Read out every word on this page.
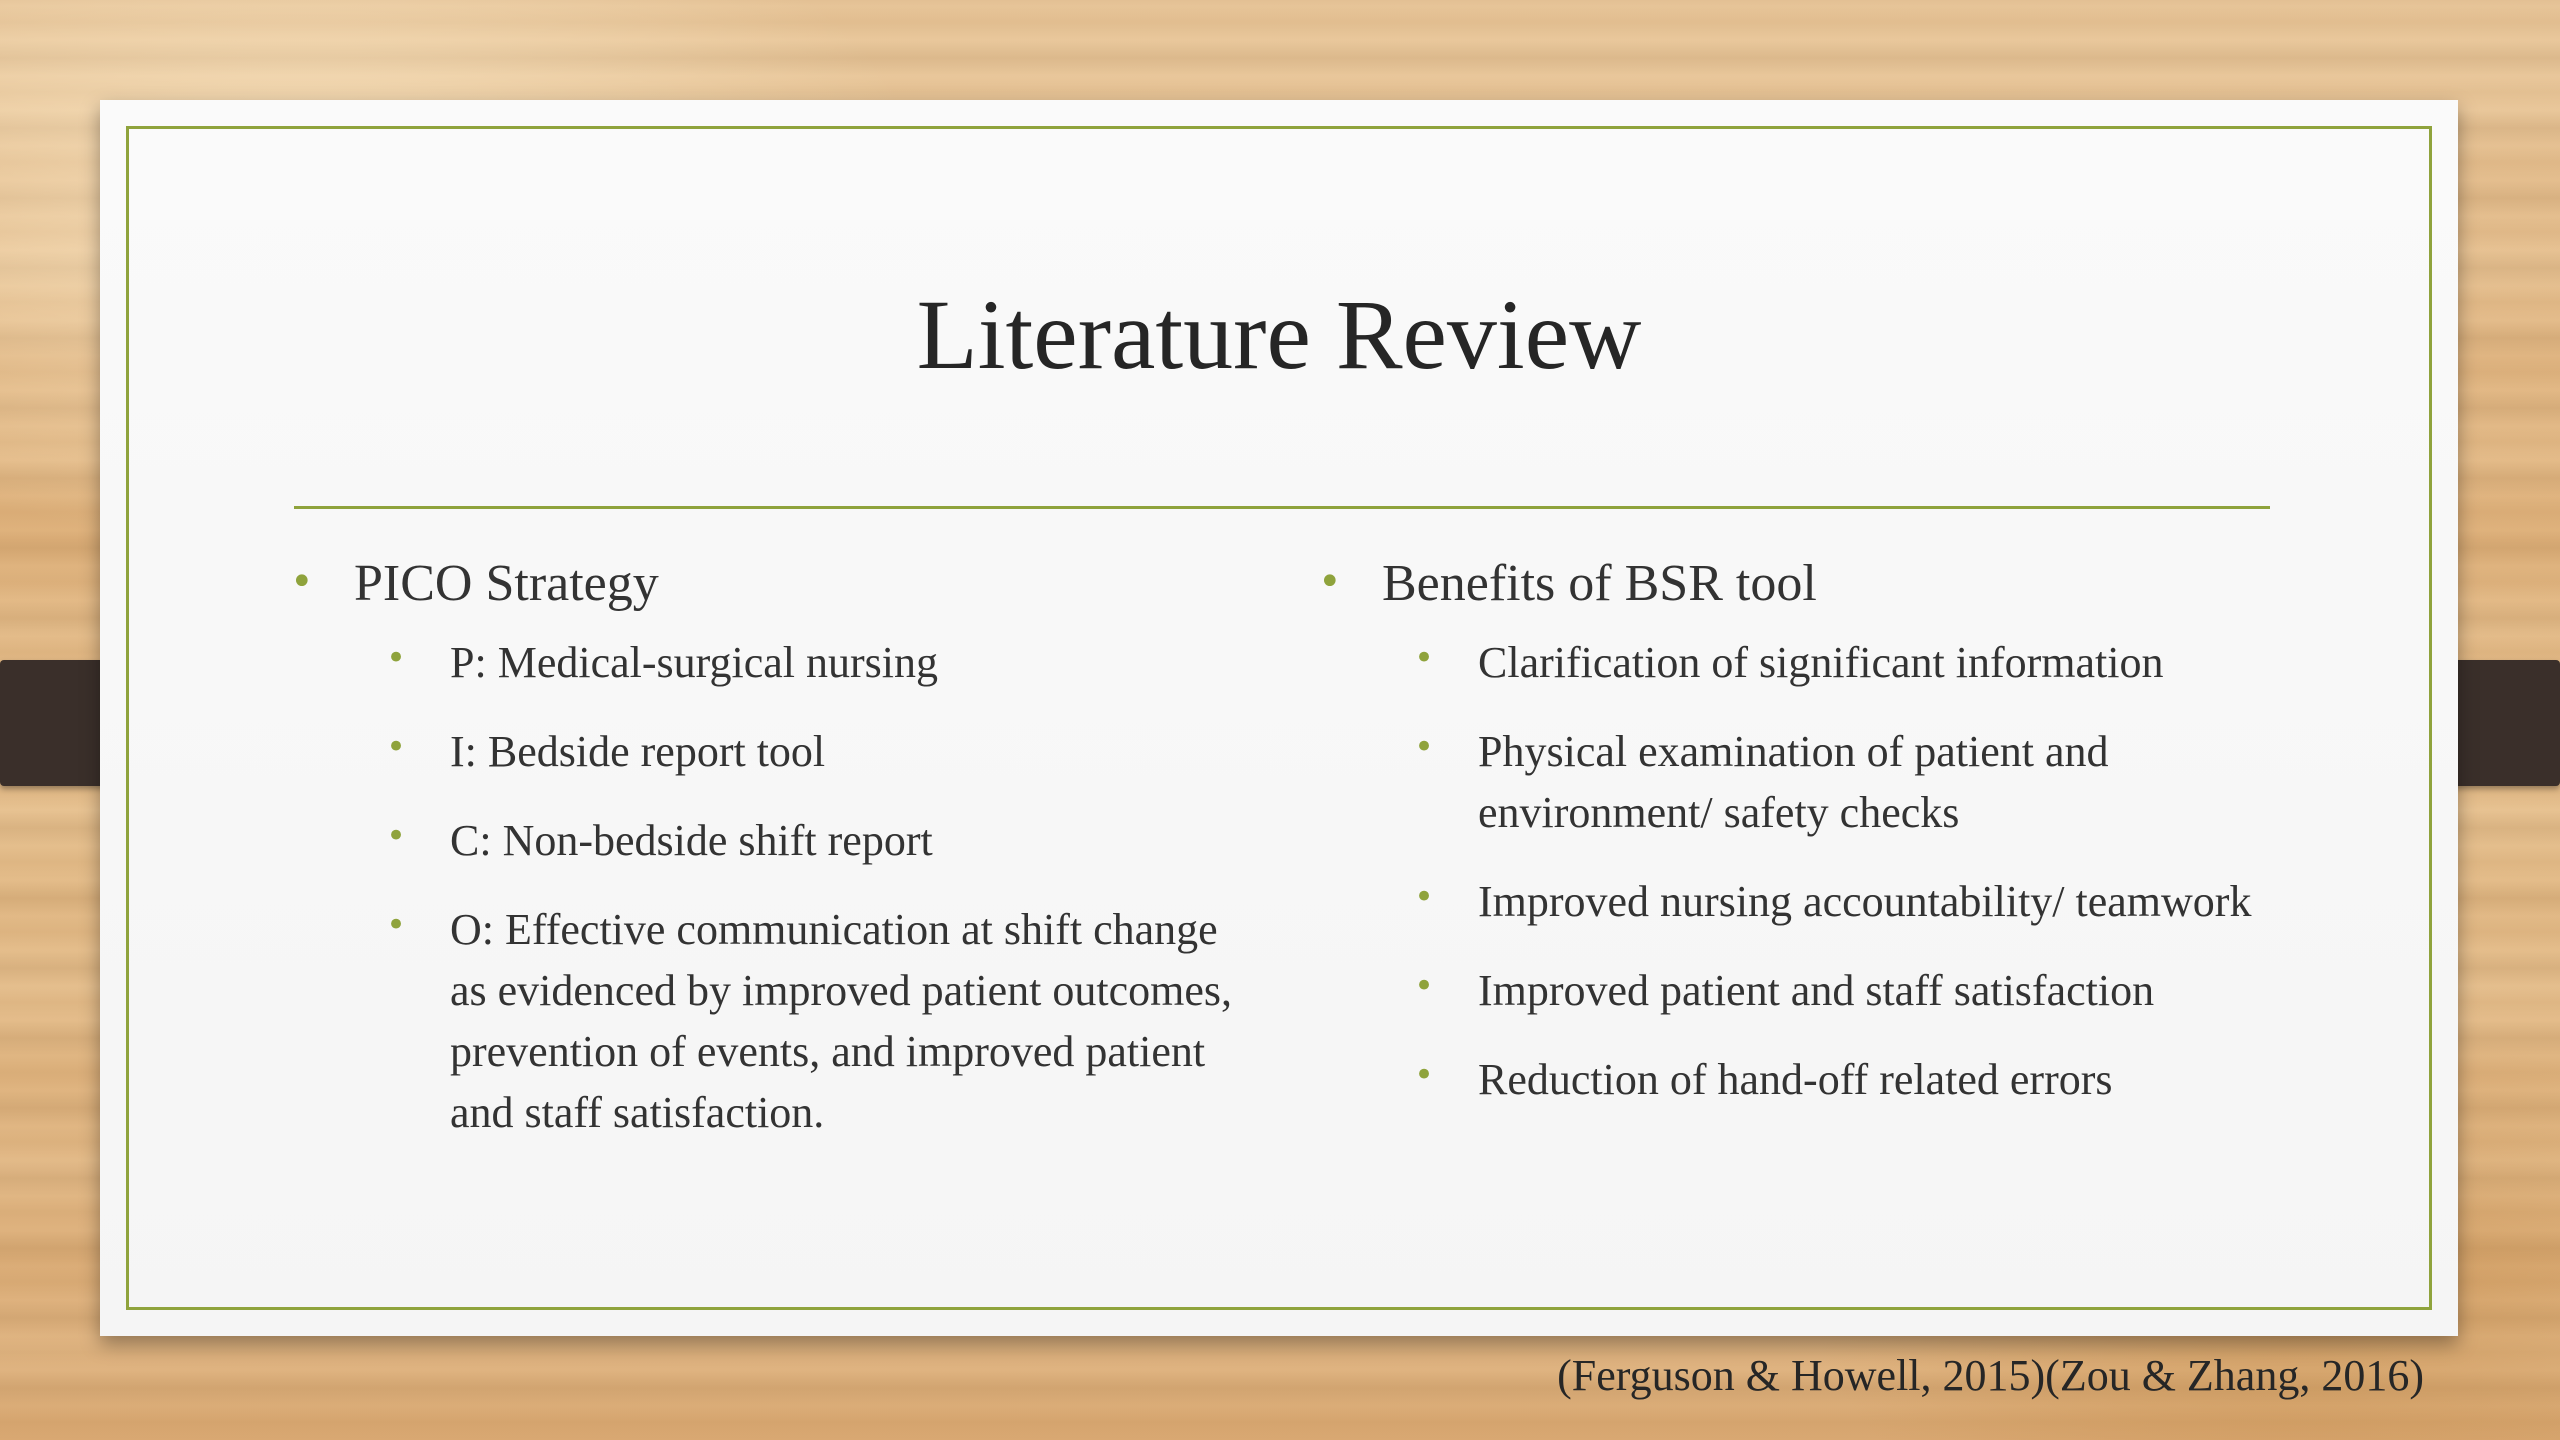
Literature Review
• PICO Strategy
• P: Medical-surgical nursing
• I: Bedside report tool
• C: Non-bedside shift report
• O: Effective communication at shift change as evidenced by improved patient outcomes, prevention of events, and improved patient and staff satisfaction.
• Benefits of BSR tool
• Clarification of significant information
• Physical examination of patient and environment/ safety checks
• Improved nursing accountability/ teamwork
• Improved patient and staff satisfaction
• Reduction of hand-off related errors
(Ferguson & Howell, 2015)(Zou & Zhang, 2016)
